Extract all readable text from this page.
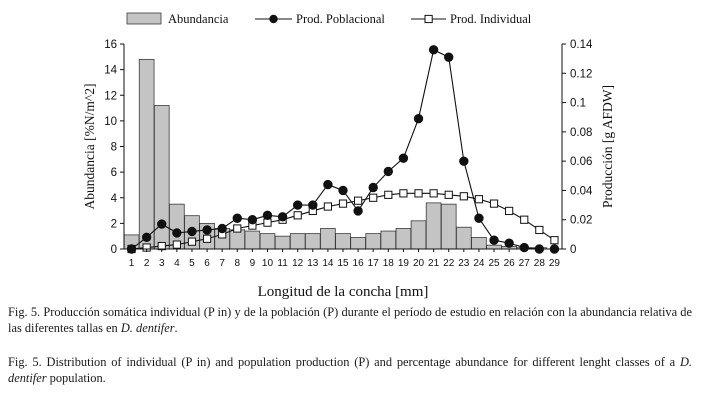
Abundancia	Prod. Poblacional	Prod. Individual
0
2
4
6
8
10
12
14
16
0
0.02
0.04
0.06
0.08
0.1
0.12
0.14
1 2 3 4 5 6 7 8 9 10 11 12 13 14 15 16 17 18 19 20 21 22 23 24 25 26 27 28 29
Longitud de la concha [mm]
Abundancia [%N/m^2]	Producción [g AFDW]
Fig. 5. Producción somática individual (P in) y de la población (P) durante el período de estudio en relación con la abundancia relativa de las diferentes tallas en D. dentifer.
Fig. 5. Distribution of individual (P in) and population production (P) and percentage abundance for different lenght classes of a D. dentifer population.
